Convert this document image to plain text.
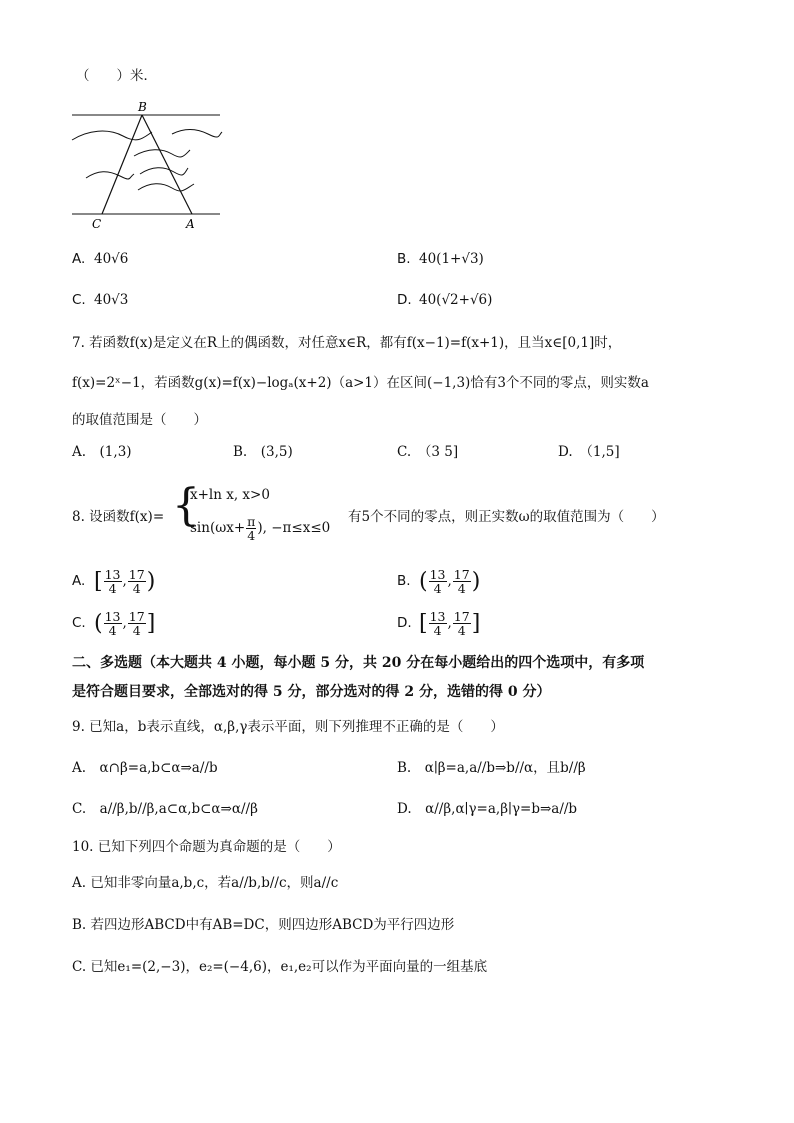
（　　）米．
B
C	A
A. 40√6	B. 40(1+√3)
C. 40√3	D. 40(√2+√6)
7. 若函数f(x)是定义在R上的偶函数，对任意x∈R，都有f(x−1)=f(x+1)，且当x∈[0,1]时，
f(x)=2ˣ−1，若函数g(x)=f(x)−logₐ(x+2)（a>1）在区间(−1,3)恰有3个不同的零点，则实数a
的取值范围是（　　）
A.　(1,3)	B.　(3,5)	C.　（3 5]	D.　（1,5]
8. 设函数f(x)= {
x+ln x, x>0
$\sin(\omega x+ \frac{\pi}{4}$ ), −π≤x≤0
有5个不同的零点，则正实数ω的取值范围为（　　）
A. [ $\frac{13}{4}$ , $\frac{17}{4}$ )	B. ( $\frac{13}{4}$ , $\frac{17}{4}$ )
C. ( $\frac{13}{4}$ , $\frac{17}{4}$ ]	D. [ $\frac{13}{4}$ , $\frac{17}{4}$ ]
二、多选题（本大题共 4 小题，每小题 5 分，共 20 分在每小题给出的四个选项中，有多项
是符合题目要求，全部选对的得 5 分，部分选对的得 2 分，选错的得 0 分）
9. 已知a，b表示直线，α,β,γ表示平面，则下列推理不正确的是（　　）
A.　α∩β=a,b⊂α⇒a//b	B.　α∣β=a,a//b⇒b//α，且b//β
C.　a//β,b//β,a⊂α,b⊂α⇒α//β	D.　α//β,α∣γ=a,β∣γ=b⇒a//b
10. 已知下列四个命题为真命题的是（　　）
A. 已知非零向量a,b,c，若a//b,b//c，则a//c
B. 若四边形ABCD中有AB=DC，则四边形ABCD为平行四边形
C. 已知e₁=(2,−3)，e₂=(−4,6)，e₁,e₂可以作为平面向量的一组基底
